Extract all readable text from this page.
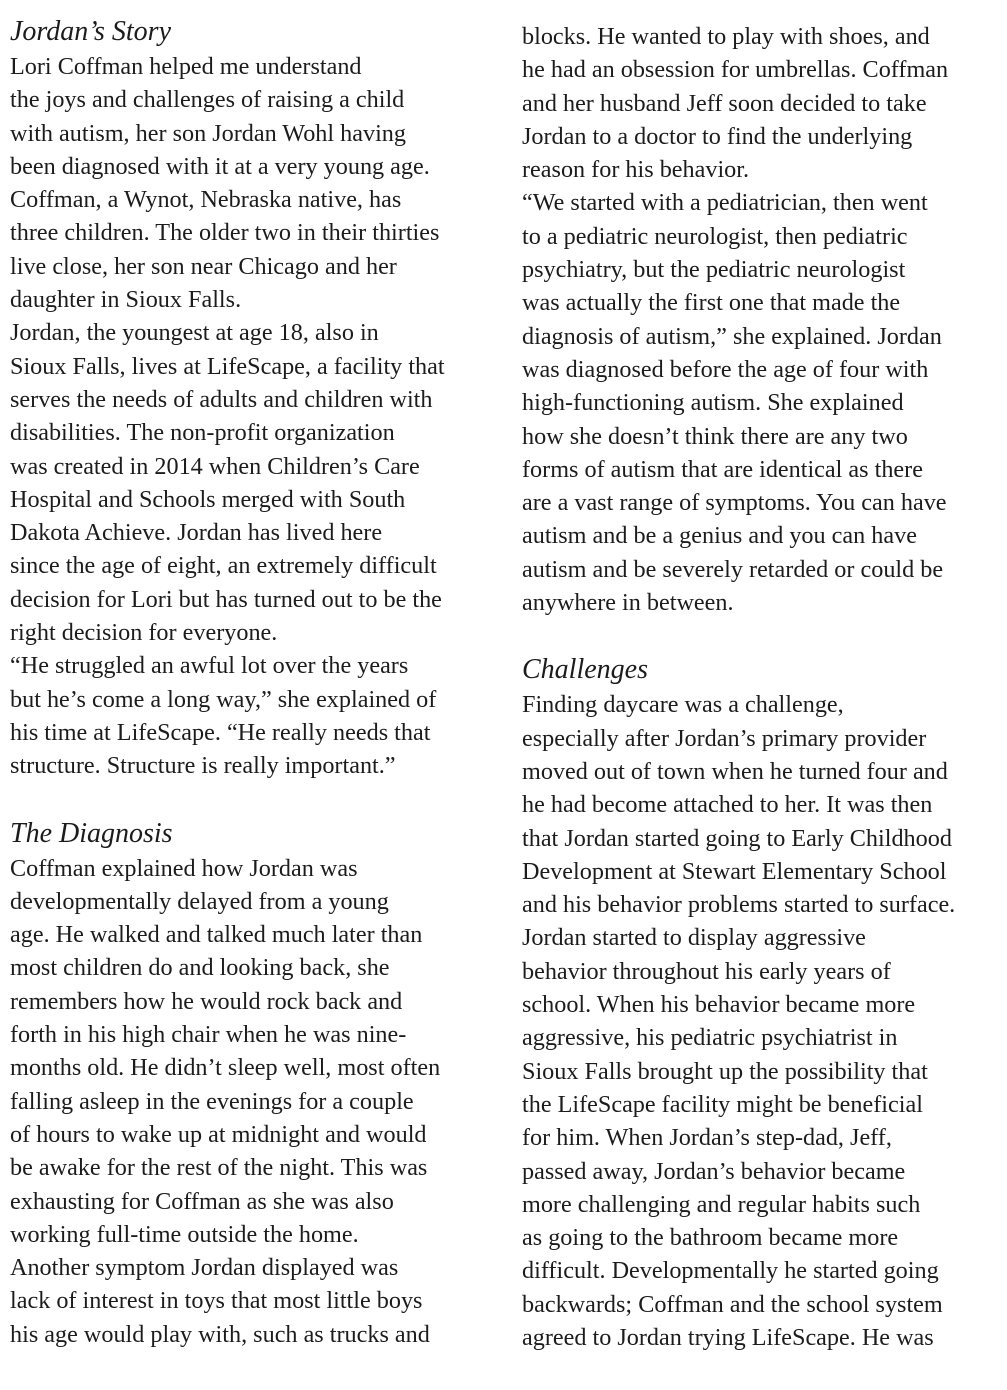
Jordan’s Story

Lori Coffman helped me understand
the joys and challenges of raising a child
with autism, her son Jordan Wohl having
been diagnosed with it at a very young age.
Coffman, a Wynot, Nebraska native, has
three children. The older two in their thirties
live close, her son near Chicago and her
daughter in Sioux Falls.

Jordan, the youngest at age 18, also in
Sioux Falls, lives at LifeScape, a facility that
serves the needs of adults and children with
disabilities. The non-profit organization
was created in 2014 when Children’s Care
Hospital and Schools merged with South
Dakota Achieve. Jordan has lived here
since the age of eight, an extremely difficult
decision for Lori but has turned out to be the
right decision for everyone.

“He struggled an awful lot over the years
but he’s come a long way,” she explained of
his time at LifeScape. “He really needs that
structure. Structure is really important.”

The Diagnosis

Coffman explained how Jordan was
developmentally delayed from a young
age. He walked and talked much later than
most children do and looking back, she
remembers how he would rock back and
forth in his high chair when he was nine-
months old. He didn’t sleep well, most often
falling asleep in the evenings for a couple
of hours to wake up at midnight and would
be awake for the rest of the night. This was
exhausting for Coffman as she was also
working full-time outside the home.

Another symptom Jordan displayed was
lack of interest in toys that most little boys
his age would play with, such as trucks and

blocks. He wanted to play with shoes, and
he had an obsession for umbrellas. Coffman
and her husband Jeff soon decided to take
Jordan to a doctor to find the underlying
reason for his behavior.

“We started with a pediatrician, then went
to a pediatric neurologist, then pediatric
psychiatry, but the pediatric neurologist
was actually the first one that made the
diagnosis of autism,” she explained. Jordan
was diagnosed before the age of four with
high-functioning autism. She explained
how she doesn’t think there are any two
forms of autism that are identical as there
are a vast range of symptoms. You can have
autism and be a genius and you can have
autism and be severely retarded or could be
anywhere in between.

Challenges

Finding daycare was a challenge,
especially after Jordan’s primary provider
moved out of town when he turned four and
he had become attached to her. It was then
that Jordan started going to Early Childhood
Development at Stewart Elementary School
and his behavior problems started to surface.

Jordan started to display aggressive
behavior throughout his early years of
school. When his behavior became more
aggressive, his pediatric psychiatrist in
Sioux Falls brought up the possibility that
the LifeScape facility might be beneficial
for him. When Jordan’s step-dad, Jeff,
passed away, Jordan’s behavior became
more challenging and regular habits such
as going to the bathroom became more
difficult. Developmentally he started going
backwards; Coffman and the school system
agreed to Jordan trying LifeScape. He was
